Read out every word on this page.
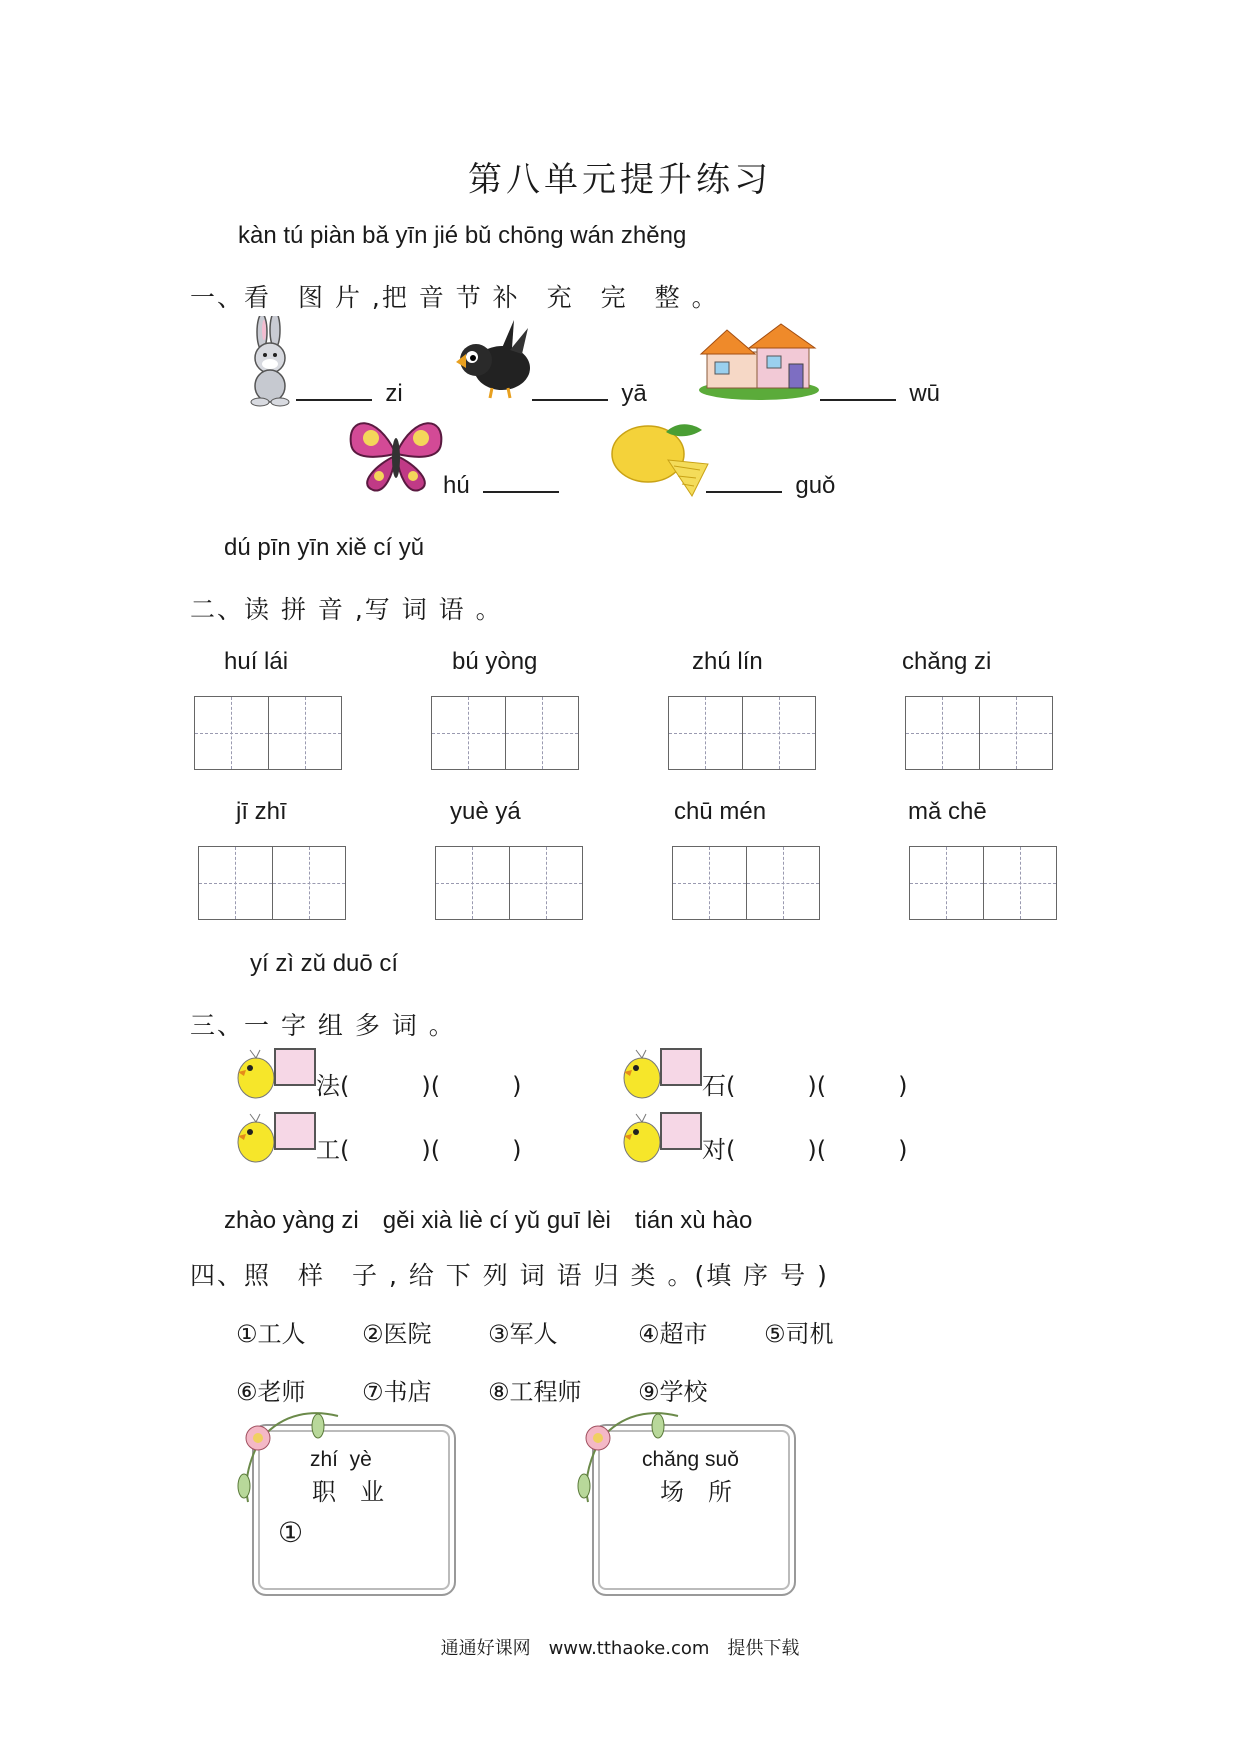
第八单元提升练习
kàn tú piàn bǎ yīn jié bǔ chōng wán zhěng
一、看　图 片 ,把 音 节 补　充　完　整 。
zi	yā	wū
hú	guǒ
dú pīn yīn xiě cí yǔ
二、读 拼 音 ,写 词 语 。
huí lái	bú yòng	zhú lín	chǎng zi
jī zhī	yuè yá	chū mén	mǎ chē
yí zì zǔ duō cí
三、一 字 组 多 词 。
法(　　　)(　　　)	石(　　　)(　　　)
工(　　　)(　　　)	对(　　　)(　　　)
zhào yàng zi　gěi xià liè cí yǔ guī lèi　tián xù hào
四、照　样　子 , 给 下 列 词 语 归 类 。(填 序 号 )
①工人 ②医院 ③军人	④超市 ⑤司机
⑥老师 ⑦书店 ⑧工程师 ⑨学校
zhí  yè
职　业
①
chǎng suǒ
场　所
通通好课网　www.tthaoke.com　提供下载
